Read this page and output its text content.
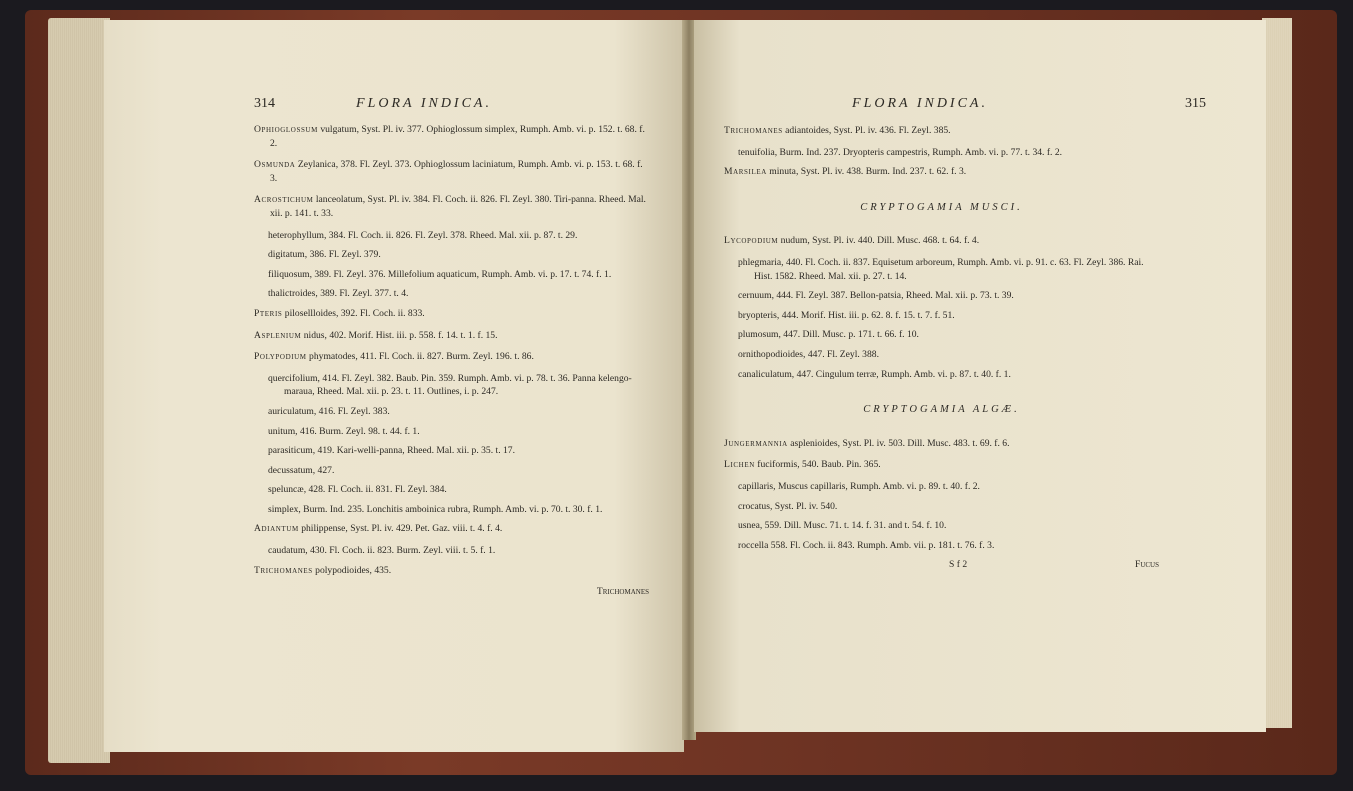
314	FLORA INDICA.
Ophioglossum vulgatum, Syst. Pl. iv. 377. Ophioglossum simplex, Rumph. Amb. vi. p. 152. t. 68. f. 2.
Osmunda Zeylanica, 378. Fl. Zeyl. 373. Ophioglossum laciniatum, Rumph. Amb. vi. p. 153. t. 68. f. 3.
Acrostichum lanceolatum, Syst. Pl. iv. 384. Fl. Coch. ii. 826. Fl. Zeyl. 380. Tiri-panna. Rheed. Mal. xii. p. 141. t. 33.
heterophyllum, 384. Fl. Coch. ii. 826. Fl. Zeyl. 378. Rheed. Mal. xii. p. 87. t. 29.
digitatum, 386. Fl. Zeyl. 379.
filiquosum, 389. Fl. Zeyl. 376. Millefolium aquaticum, Rumph. Amb. vi. p. 17. t. 74. f. 1.
thalictroides, 389. Fl. Zeyl. 377. t. 4.
Pteris pilosellloides, 392. Fl. Coch. ii. 833.
Asplenium nidus, 402. Morif. Hist. iii. p. 558. f. 14. t. 1. f. 15.
Polypodium phymatodes, 411. Fl. Coch. ii. 827. Burm. Zeyl. 196. t. 86.
quercifolium, 414. Fl. Zeyl. 382. Baub. Pin. 359. Rumph. Amb. vi. p. 78. t. 36. Panna kelengo-maraua, Rheed. Mal. xii. p. 23. t. 11. Outlines, i. p. 247.
auriculatum, 416. Fl. Zeyl. 383.
unitum, 416. Burm. Zeyl. 98. t. 44. f. 1.
parasiticum, 419. Kari-welli-panna, Rheed. Mal. xii. p. 35. t. 17.
decussatum, 427.
speluncæ, 428. Fl. Coch. ii. 831. Fl. Zeyl. 384.
simplex, Burm. Ind. 235. Lonchitis amboinica rubra, Rumph. Amb. vi. p. 70. t. 30. f. 1.
Adiantum philippense, Syst. Pl. iv. 429. Pet. Gaz. viii. t. 4. f. 4.
caudatum, 430. Fl. Coch. ii. 823. Burm. Zeyl. viii. t. 5. f. 1.
Trichomanes polypodioides, 435.
Trichomanes
FLORA INDICA.	315
Trichomanes adiantoides, Syst. Pl. iv. 436. Fl. Zeyl. 385.
tenuifolia, Burm. Ind. 237. Dryopteris campestris, Rumph. Amb. vi. p. 77. t. 34. f. 2.
Marsilea minuta, Syst. Pl. iv. 438. Burm. Ind. 237. t. 62. f. 3.
CRYPTOGAMIA MUSCI.
Lycopodium nudum, Syst. Pl. iv. 440. Dill. Musc. 468. t. 64. f. 4.
phlegmaria, 440. Fl. Coch. ii. 837. Equisetum arboreum, Rumph. Amb. vi. p. 91. c. 63. Fl. Zeyl. 386. Rai. Hist. 1582. Rheed. Mal. xii. p. 27. t. 14.
cernuum, 444. Fl. Zeyl. 387. Bellon-patsia, Rheed. Mal. xii. p. 73. t. 39.
bryopteris, 444. Morif. Hist. iii. p. 62. 8. f. 15. t. 7. f. 51.
plumosum, 447. Dill. Musc. p. 171. t. 66. f. 10.
ornithopodioides, 447. Fl. Zeyl. 388.
canaliculatum, 447. Cingulum terræ, Rumph. Amb. vi. p. 87. t. 40. f. 1.
CRYPTOGAMIA ALGÆ.
Jungermannia asplenioides, Syst. Pl. iv. 503. Dill. Musc. 483. t. 69. f. 6.
Lichen fuciformis, 540. Baub. Pin. 365.
capillaris, Muscus capillaris, Rumph. Amb. vi. p. 89. t. 40. f. 2.
crocatus, Syst. Pl. iv. 540.
usnea, 559. Dill. Musc. 71. t. 14. f. 31. and t. 54. f. 10.
roccella 558. Fl. Coch. ii. 843. Rumph. Amb. vii. p. 181. t. 76. f. 3.
S f 2	Fucus
